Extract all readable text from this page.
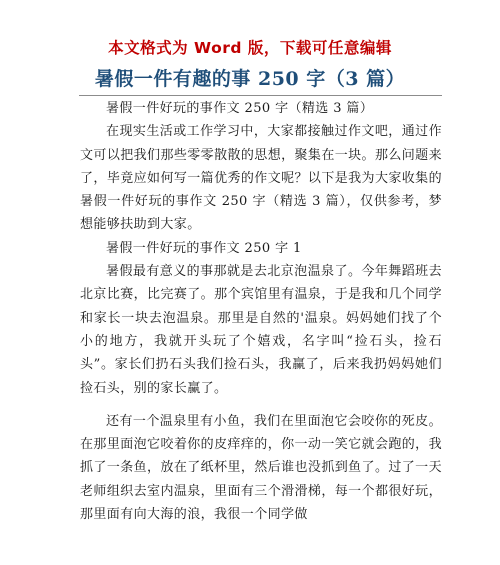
本文格式为 Word 版，下载可任意编辑
暑假一件有趣的事 250 字（3 篇）

暑假一件好玩的事作文 250 字（精选 3 篇）

在现实生活或工作学习中，大家都接触过作文吧，通过作文可以把我们那些零零散散的思想，聚集在一块。那么问题来了，毕竟应如何写一篇优秀的作文呢？以下是我为大家收集的暑假一件好玩的事作文 250 字（精选 3 篇），仅供参考，梦想能够扶助到大家。

暑假一件好玩的事作文 250 字 1

暑假最有意义的事那就是去北京泡温泉了。今年舞蹈班去北京比赛，比完赛了。那个宾馆里有温泉，于是我和几个同学和家长一块去泡温泉。那里是自然的'温泉。妈妈她们找了个小的地方，我就开头玩了个嬉戏，名字叫“捡石头，捡石头”。家长们扔石头我们捡石头，我赢了，后来我扔妈妈她们捡石头，别的家长赢了。

还有一个温泉里有小鱼，我们在里面泡它会咬你的死皮。在那里面泡它咬着你的皮痒痒的，你一动一笑它就会跑的，我抓了一条鱼，放在了纸杯里，然后谁也没抓到鱼了。过了一天老师组织去室内温泉，里面有三个滑滑梯，每一个都很好玩，那里面有向大海的浪，我很一个同学做
